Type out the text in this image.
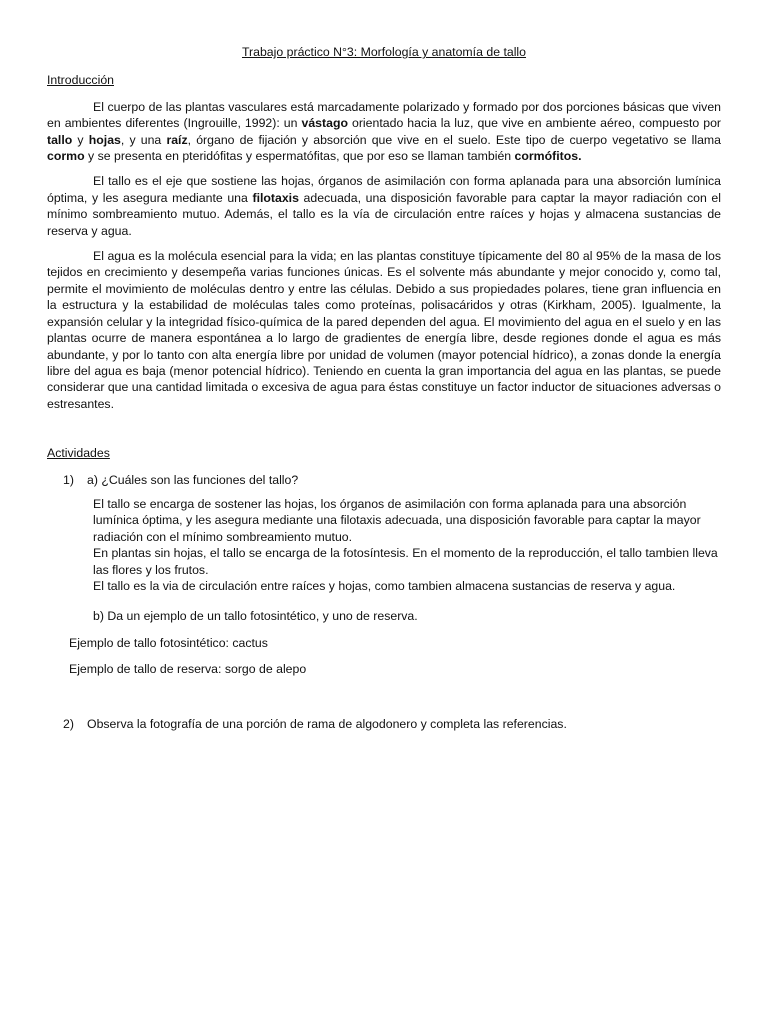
Trabajo práctico N°3: Morfología y anatomía de tallo
Introducción

El cuerpo de las plantas vasculares está marcadamente polarizado y formado por dos porciones básicas que viven en ambientes diferentes (Ingrouille, 1992): un vástago orientado hacia la luz, que vive en ambiente aéreo, compuesto por tallo y hojas, y una raíz, órgano de fijación y absorción que vive en el suelo. Este tipo de cuerpo vegetativo se llama cormo y se presenta en pteridófitas y espermatófitas, que por eso se llaman también cormófitos.

El tallo es el eje que sostiene las hojas, órganos de asimilación con forma aplanada para una absorción lumínica óptima, y les asegura mediante una filotaxis adecuada, una disposición favorable para captar la mayor radiación con el mínimo sombreamiento mutuo. Además, el tallo es la vía de circulación entre raíces y hojas y almacena sustancias de reserva y agua.

El agua es la molécula esencial para la vida; en las plantas constituye típicamente del 80 al 95% de la masa de los tejidos en crecimiento y desempeña varias funciones únicas. Es el solvente más abundante y mejor conocido y, como tal, permite el movimiento de moléculas dentro y entre las células. Debido a sus propiedades polares, tiene gran influencia en la estructura y la estabilidad de moléculas tales como proteínas, polisacáridos y otras (Kirkham, 2005). Igualmente, la expansión celular y la integridad físico-química de la pared dependen del agua. El movimiento del agua en el suelo y en las plantas ocurre de manera espontánea a lo largo de gradientes de energía libre, desde regiones donde el agua es más abundante, y por lo tanto con alta energía libre por unidad de volumen (mayor potencial hídrico), a zonas donde la energía libre del agua es baja (menor potencial hídrico). Teniendo en cuenta la gran importancia del agua en las plantas, se puede considerar que una cantidad limitada o excesiva de agua para éstas constituye un factor inductor de situaciones adversas o estresantes.

Actividades
1)	a) ¿Cuáles son las funciones del tallo?

El tallo se encarga de sostener las hojas, los órganos de asimilación con forma aplanada para una absorción lumínica óptima, y les asegura mediante una filotaxis adecuada, una disposición favorable para captar la mayor radiación con el mínimo sombreamiento mutuo.

En plantas sin hojas, el tallo se encarga de la fotosíntesis. En el momento de la reproducción, el tallo tambien lleva las flores y los frutos.

El tallo es la via de circulación entre raíces y hojas, como tambien almacena sustancias de reserva y agua.

b) Da un ejemplo de un tallo fotosintético, y uno de reserva.
Ejemplo de tallo fotosintético: cactus
Ejemplo de tallo de reserva: sorgo de alepo
2)	Observa la fotografía de una porción de rama de algodonero y completa las referencias.
